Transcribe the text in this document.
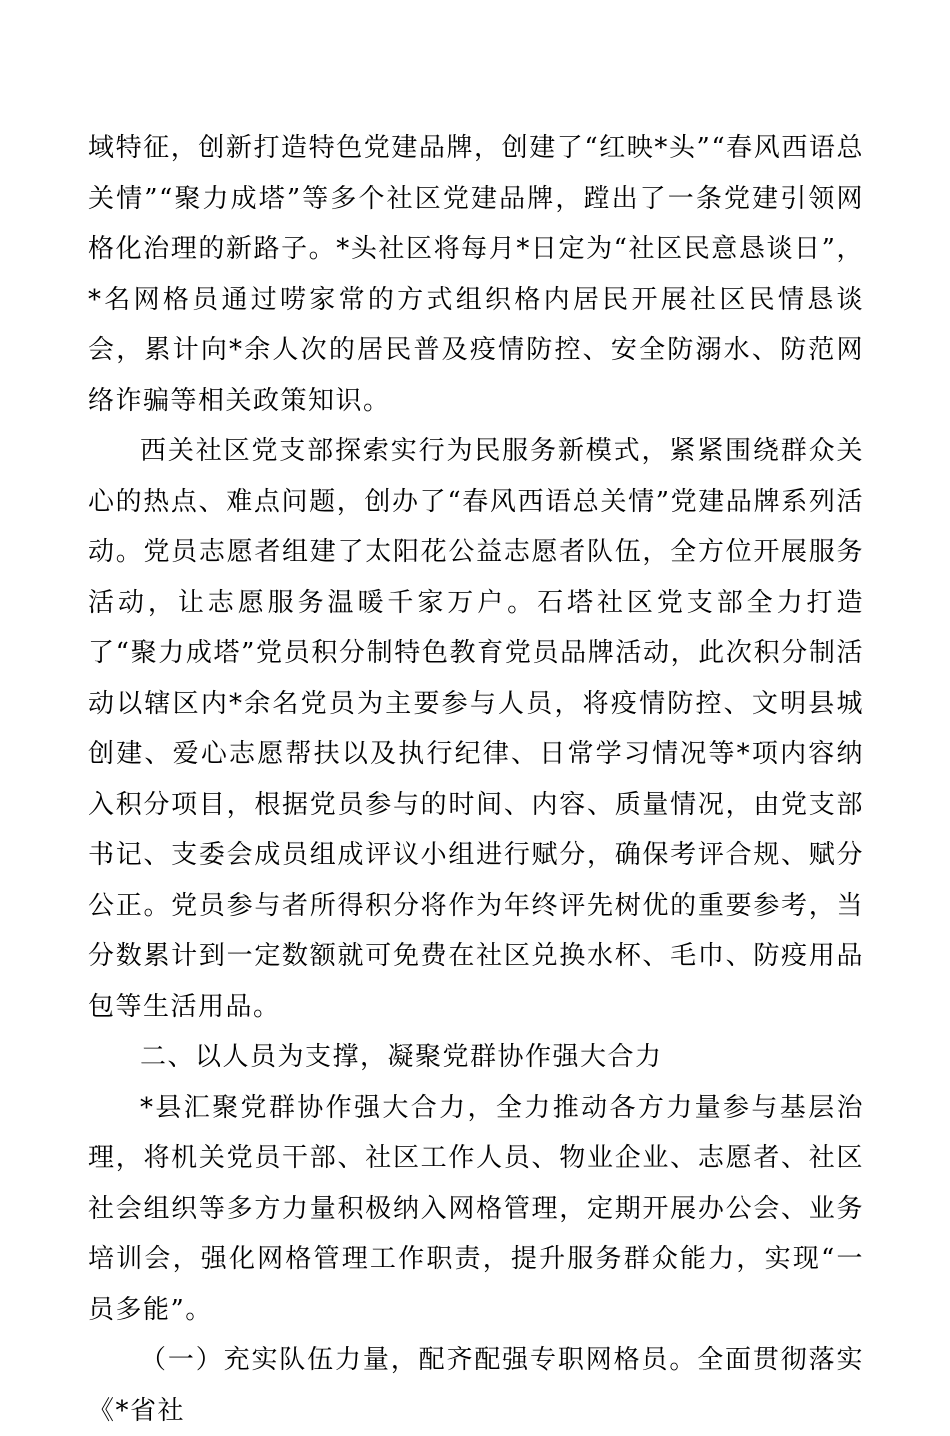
域特征，创新打造特色党建品牌，创建了“红映*头”“春风西语总关情”“聚力成塔”等多个社区党建品牌，蹚出了一条党建引领网格化治理的新路子。*头社区将每月*日定为“社区民意恳谈日”，*名网格员通过唠家常的方式组织格内居民开展社区民情恳谈会，累计向*余人次的居民普及疫情防控、安全防溺水、防范网络诈骗等相关政策知识。

西关社区党支部探索实行为民服务新模式，紧紧围绕群众关心的热点、难点问题，创办了“春风西语总关情”党建品牌系列活动。党员志愿者组建了太阳花公益志愿者队伍，全方位开展服务活动，让志愿服务温暖千家万户。石塔社区党支部全力打造了“聚力成塔”党员积分制特色教育党员品牌活动，此次积分制活动以辖区内*余名党员为主要参与人员，将疫情防控、文明县城创建、爱心志愿帮扶以及执行纪律、日常学习情况等*项内容纳入积分项目，根据党员参与的时间、内容、质量情况，由党支部书记、支委会成员组成评议小组进行赋分，确保考评合规、赋分公正。党员参与者所得积分将作为年终评先树优的重要参考，当分数累计到一定数额就可免费在社区兑换水杯、毛巾、防疫用品包等生活用品。

二、以人员为支撑，凝聚党群协作强大合力

*县汇聚党群协作强大合力，全力推动各方力量参与基层治理，将机关党员干部、社区工作人员、物业企业、志愿者、社区社会组织等多方力量积极纳入网格管理，定期开展办公会、业务培训会，强化网格管理工作职责，提升服务群众能力，实现“一员多能”。

（一）充实队伍力量，配齐配强专职网格员。全面贯彻落实《*省社
